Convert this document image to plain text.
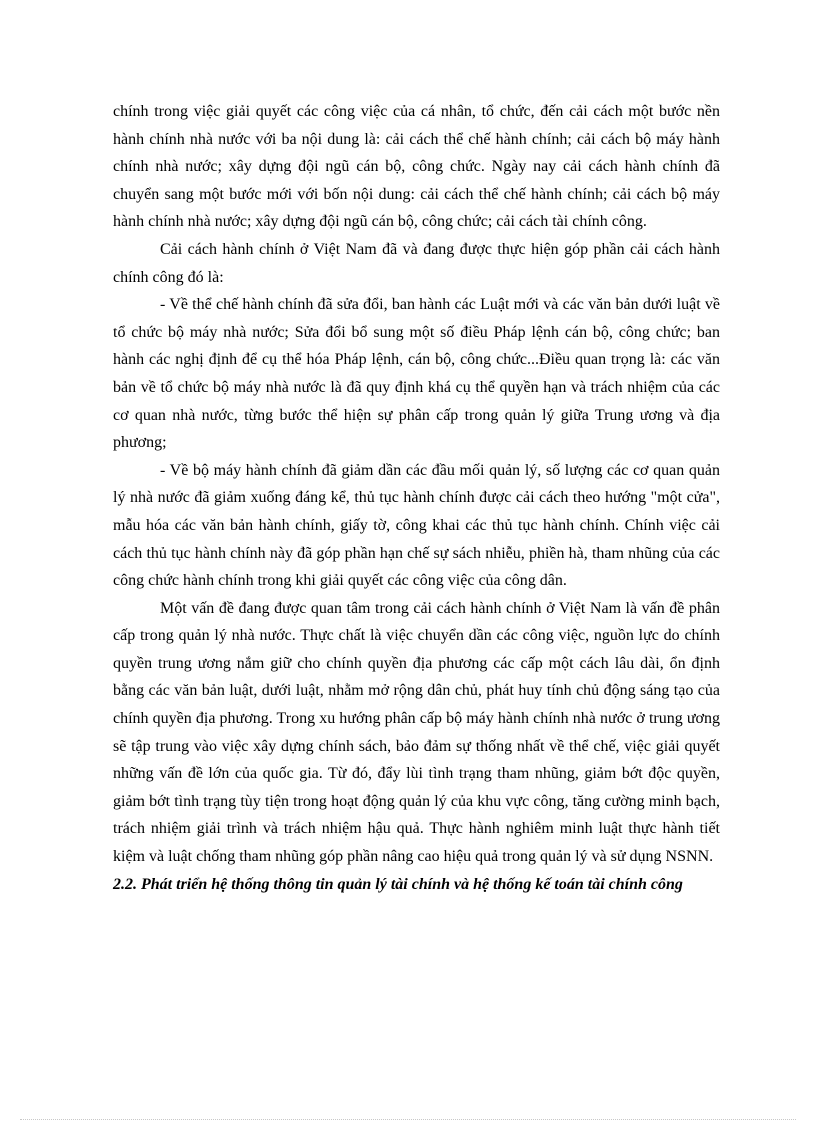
chính trong việc giải quyết các công việc của cá nhân, tổ chức, đến cải cách một bước nền hành chính nhà nước với ba nội dung là: cải cách thể chế hành chính; cải cách bộ máy hành chính nhà nước; xây dựng đội ngũ cán bộ, công chức. Ngày nay cải cách hành chính đã chuyển sang một bước mới với bốn nội dung: cải cách thể chế hành chính; cải cách bộ máy hành chính nhà nước; xây dựng đội ngũ cán bộ, công chức; cải cách tài chính công.

Cải cách hành chính ở Việt Nam đã và đang được thực hiện góp phần cải cách hành chính công đó là:

- Về thể chế hành chính đã sửa đổi, ban hành các Luật mới và các văn bản dưới luật về tổ chức bộ máy nhà nước; Sửa đổi bổ sung một số điều Pháp lệnh cán bộ, công chức; ban hành các nghị định để cụ thể hóa Pháp lệnh, cán bộ, công chức...Điều quan trọng là: các văn bản về tổ chức bộ máy nhà nước là đã quy định khá cụ thể quyền hạn và trách nhiệm của các cơ quan nhà nước, từng bước thể hiện sự phân cấp trong quản lý giữa Trung ương và địa phương;

- Về bộ máy hành chính đã giảm dần các đầu mối quản lý, số lượng các cơ quan quản lý nhà nước đã giảm xuống đáng kể, thủ tục hành chính được cải cách theo hướng "một cửa", mẫu hóa các văn bản hành chính, giấy tờ, công khai các thủ tục hành chính. Chính việc cải cách thủ tục hành chính này đã góp phần hạn chế sự sách nhiễu, phiền hà, tham nhũng của các công chức hành chính trong khi giải quyết các công việc của công dân.

Một vấn đề đang được quan tâm trong cải cách hành chính ở Việt Nam là vấn đề phân cấp trong quản lý nhà nước. Thực chất là việc chuyển dần các công việc, nguồn lực do chính quyền trung ương nắm giữ cho chính quyền địa phương các cấp một cách lâu dài, ổn định bằng các văn bản luật, dưới luật, nhằm mở rộng dân chủ, phát huy tính chủ động sáng tạo của chính quyền địa phương. Trong xu hướng phân cấp bộ máy hành chính nhà nước ở trung ương sẽ tập trung vào việc xây dựng chính sách, bảo đảm sự thống nhất về thể chế, việc giải quyết những vấn đề lớn của quốc gia. Từ đó, đẩy lùi tình trạng tham nhũng, giảm bớt độc quyền, giảm bớt tình trạng tùy tiện trong hoạt động quản lý của khu vực công, tăng cường minh bạch, trách nhiệm giải trình và trách nhiệm hậu quả. Thực hành nghiêm minh luật thực hành tiết kiệm và luật chống tham nhũng góp phần nâng cao hiệu quả trong quản lý và sử dụng NSNN.

2.2. Phát triển hệ thống thông tin quản lý tài chính và hệ thống kế toán tài chính công
